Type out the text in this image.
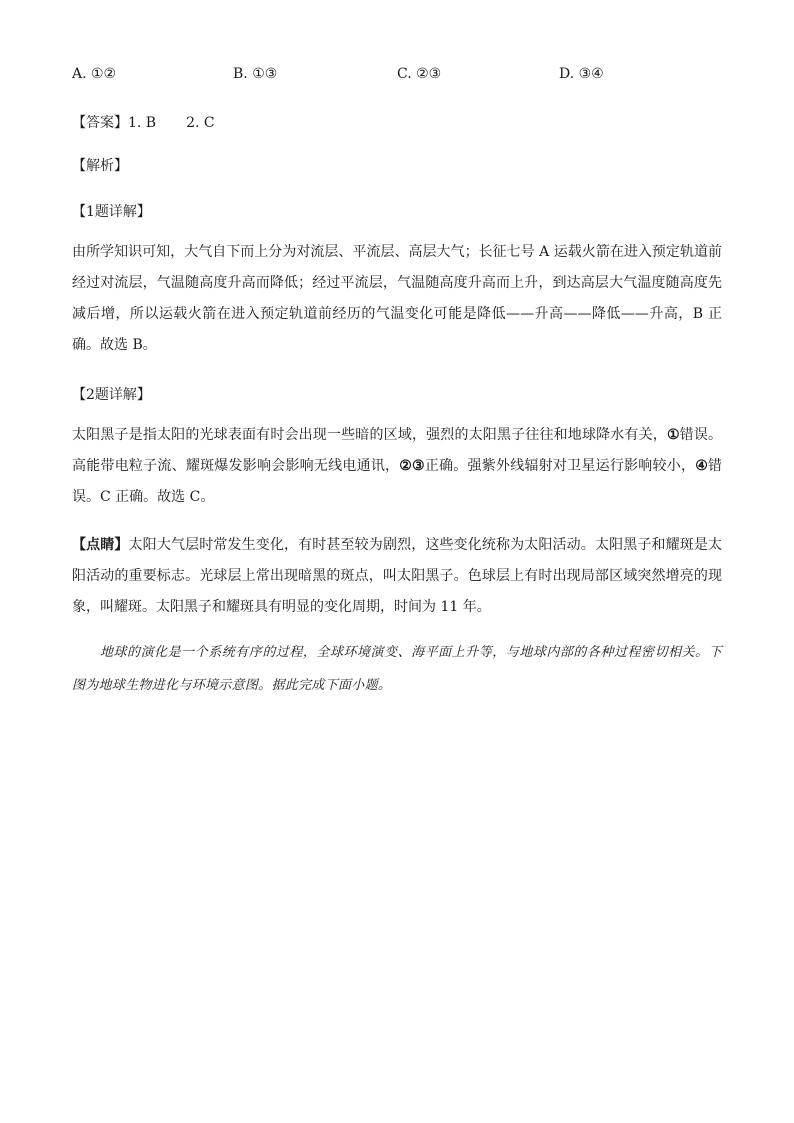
A. ①②	B. ①③	C. ②③	D. ③④
【答案】1. B 2. C
【解析】
【1题详解】
由所学知识可知，大气自下而上分为对流层、平流层、高层大气；长征七号 A 运载火箭在进入预定轨道前经过对流层，气温随高度升高而降低；经过平流层，气温随高度升高而上升，到达高层大气温度随高度先减后增，所以运载火箭在进入预定轨道前经历的气温变化可能是降低——升高——降低——升高，B 正确。故选 B。
【2题详解】
太阳黑子是指太阳的光球表面有时会出现一些暗的区域，强烈的太阳黑子往往和地球降水有关，①错误。高能带电粒子流、耀斑爆发影响会影响无线电通讯，②③正确。强紫外线辐射对卫星运行影响较小，④错误。C 正确。故选 C。
【点睛】太阳大气层时常发生变化，有时甚至较为剧烈，这些变化统称为太阳活动。太阳黑子和耀斑是太阳活动的重要标志。光球层上常出现暗黑的斑点，叫太阳黑子。色球层上有时出现局部区域突然增亮的现象，叫耀斑。太阳黑子和耀斑具有明显的变化周期，时间为 11 年。
地球的演化是一个系统有序的过程，全球环境演变、海平面上升等，与地球内部的各种过程密切相关。下图为地球生物进化与环境示意图。据此完成下面小题。
